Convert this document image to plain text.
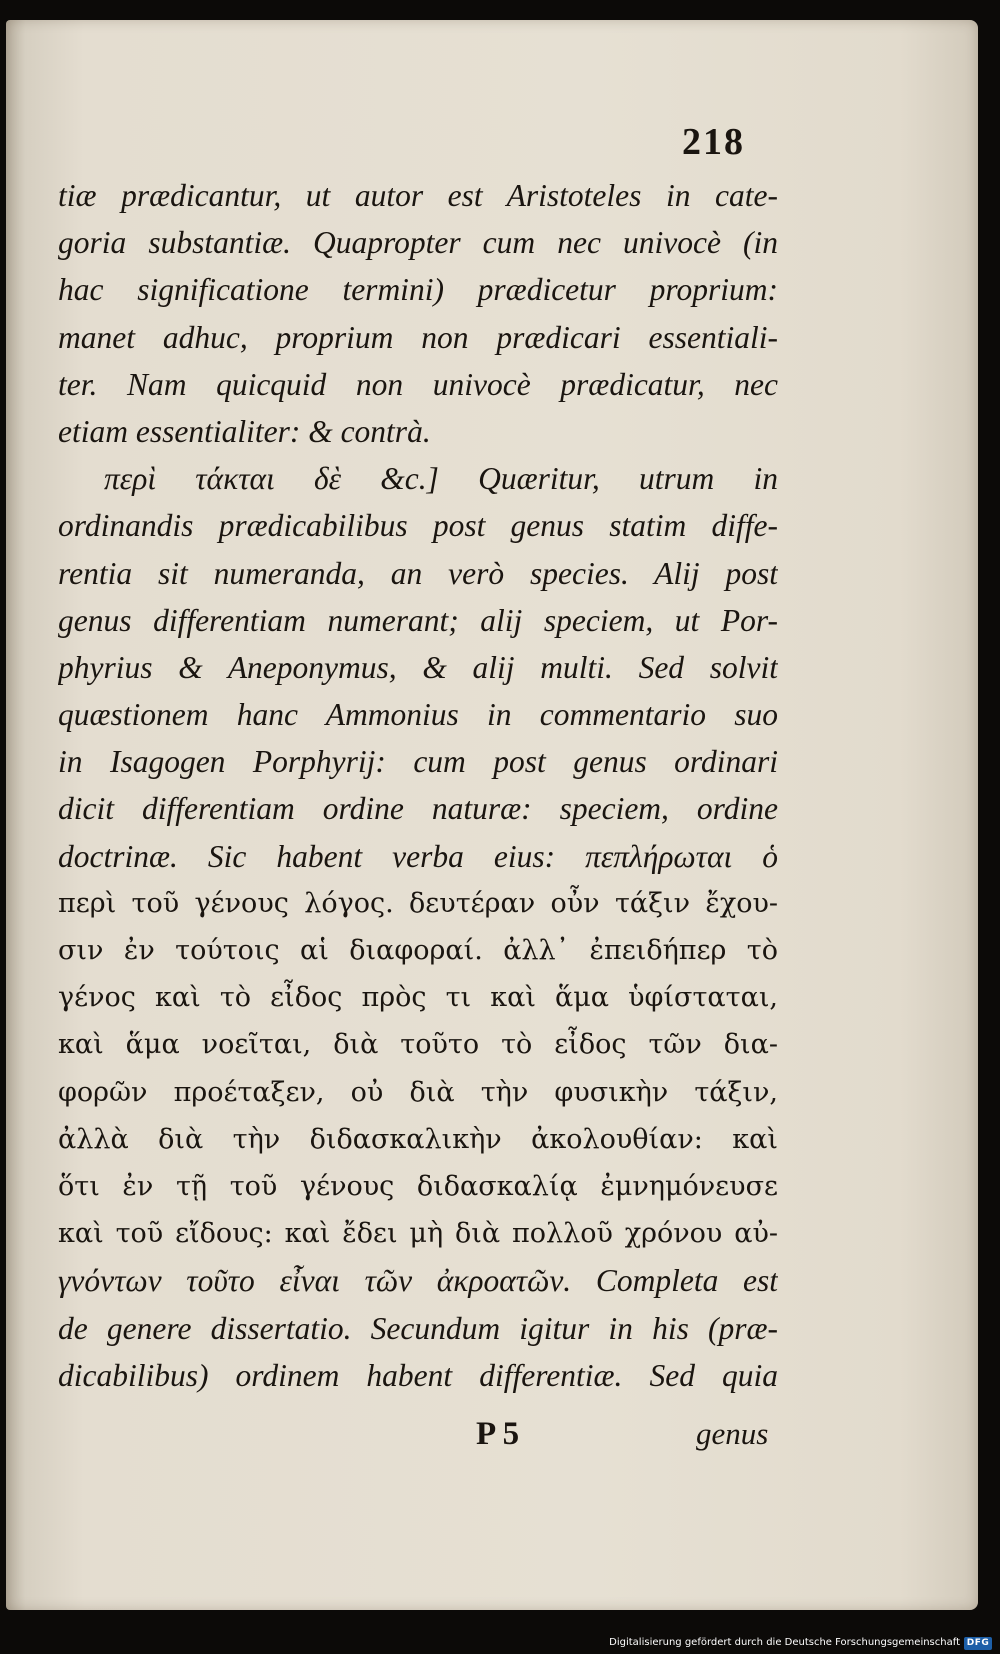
218
tiæ prædicantur, ut autor est Aristoteles in cate-
goria substantiæ. Quapropter cum nec univocè (in
hac significatione termini) prædicetur proprium:
manet adhuc, proprium non prædicari essentiali-
ter. Nam quicquid non univocè prædicatur, nec
etiam essentialiter: & contrà.
περὶ τάκται δὲ &c.] Quæritur, utrum in
ordinandis prædicabilibus post genus statim diffe-
rentia sit numeranda, an verò species. Alij post
genus differentiam numerant; alij speciem, ut Por-
phyrius & Aneponymus, & alij multi. Sed solvit
quæstionem hanc Ammonius in commentario suo
in Isagogen Porphyrij: cum post genus ordinari
dicit differentiam ordine naturæ: speciem, ordine
doctrinæ. Sic habent verba eius: πεπλήρωται ὁ
περὶ τοῦ γένους λόγος. δευτέραν οὖν τάξιν ἔχου-
σιν ἐν τούτοις αἱ διαφοραί. ἀλλ᾽ ἐπειδήπερ τὸ
γένος καὶ τὸ εἶδος πρὸς τι καὶ ἅμα ὑφίσταται,
καὶ ἅμα νοεῖται, διὰ τοῦτο τὸ εἶδος τῶν δια-
φορῶν προέταξεν, οὐ διὰ τὴν φυσικὴν τάξιν,
ἀλλὰ διὰ τὴν διδασκαλικὴν ἀκολουθίαν: καὶ
ὅτι ἐν τῇ τοῦ γένους διδασκαλίᾳ ἐμνημόνευσε
καὶ τοῦ εἴδους: καὶ ἔδει μὴ διὰ πολλοῦ χρόνου αὐ-
γνόντων τοῦτο εἶναι τῶν ἀκροατῶν. Completa est
de genere dissertatio. Secundum igitur in his (præ-
dicabilibus) ordinem habent differentiæ. Sed quia
P 5	genus
Digitalisierung gefördert durch die Deutsche Forschungsgemeinschaft DFG
